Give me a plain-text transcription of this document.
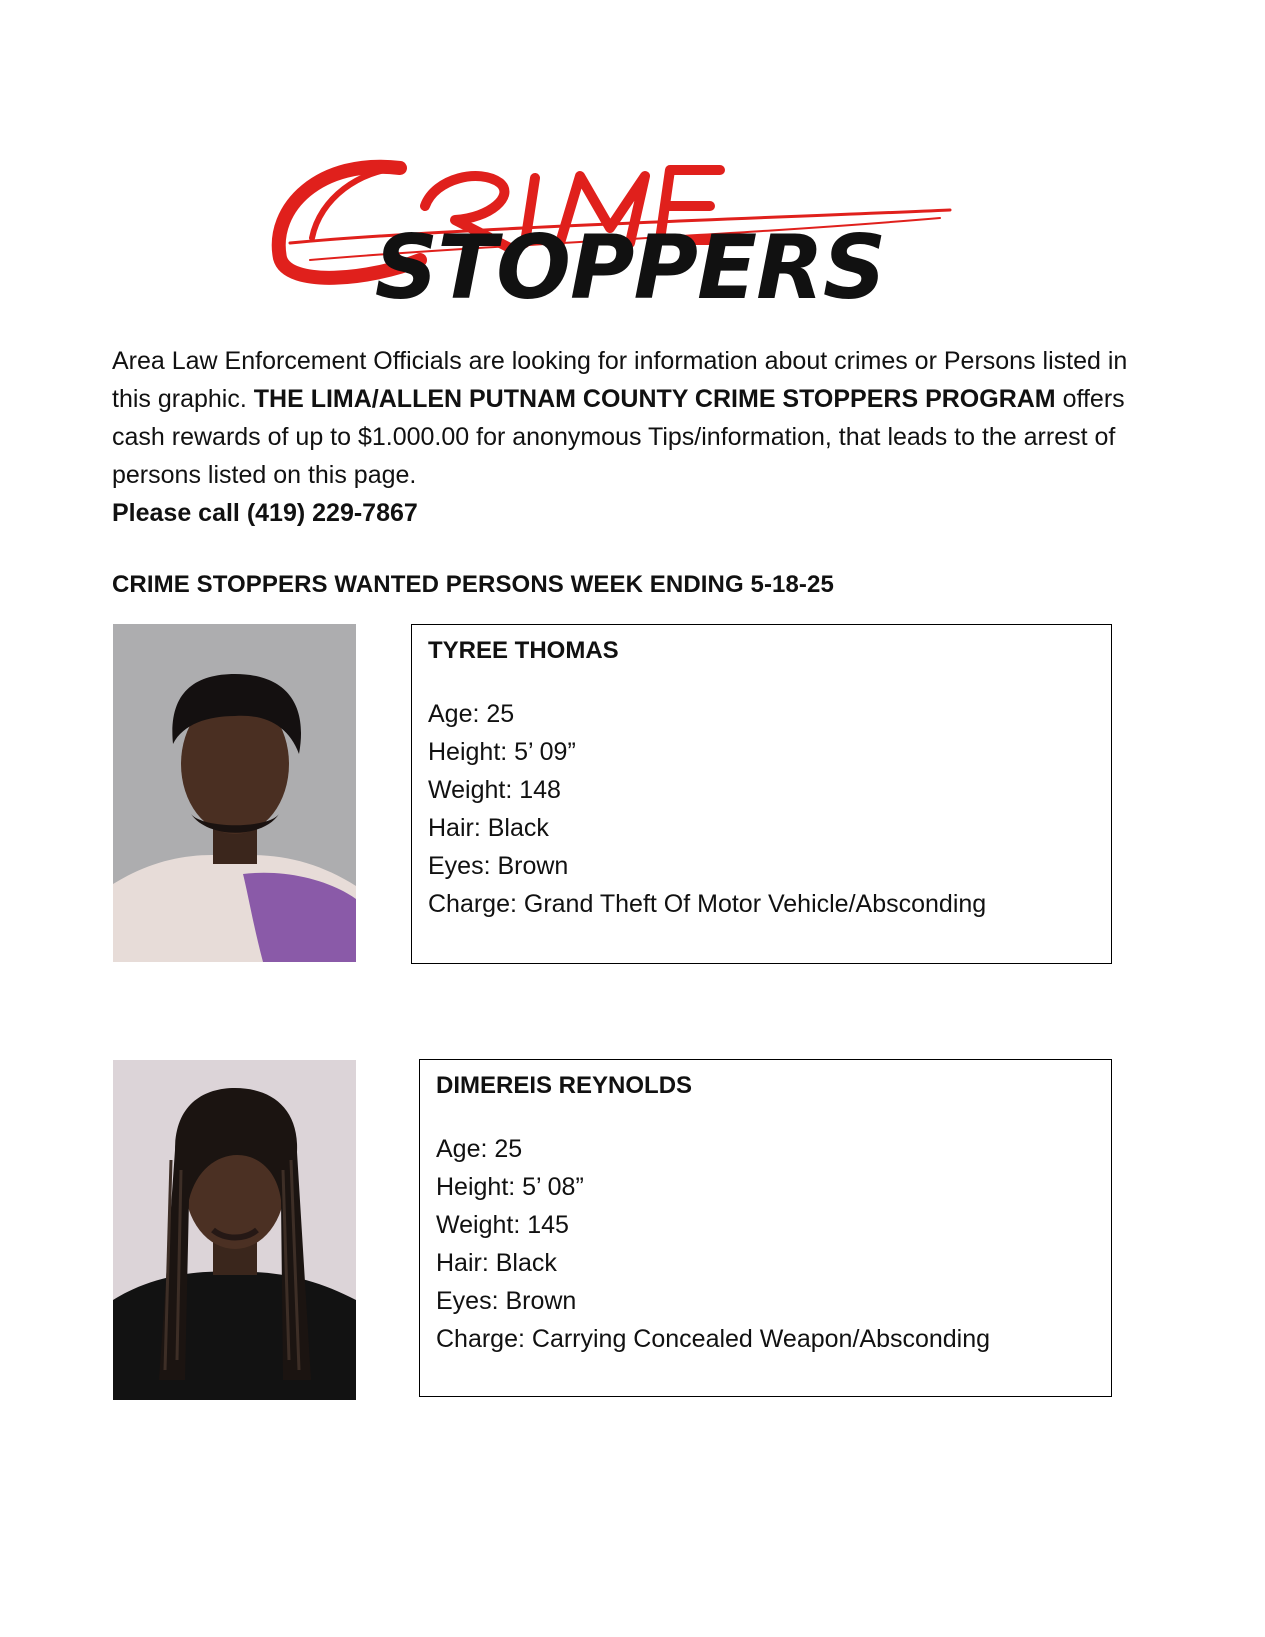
STOPPERS

Area Law Enforcement Officials are looking for information about crimes or Persons listed in this graphic. THE LIMA/ALLEN PUTNAM COUNTY CRIME STOPPERS PROGRAM offers cash rewards of up to $1.000.00 for anonymous Tips/information, that leads to the arrest of persons listed on this page.
Please call (419) 229-7867

CRIME STOPPERS WANTED PERSONS WEEK ENDING 5-18-25

TYREE THOMAS

Age: 25
Height: 5’ 09”
Weight: 148
Hair: Black
Eyes: Brown
Charge: Grand Theft Of Motor Vehicle/Absconding

DIMEREIS REYNOLDS

Age: 25
Height: 5’ 08”
Weight: 145
Hair: Black
Eyes: Brown
Charge: Carrying Concealed Weapon/Absconding
